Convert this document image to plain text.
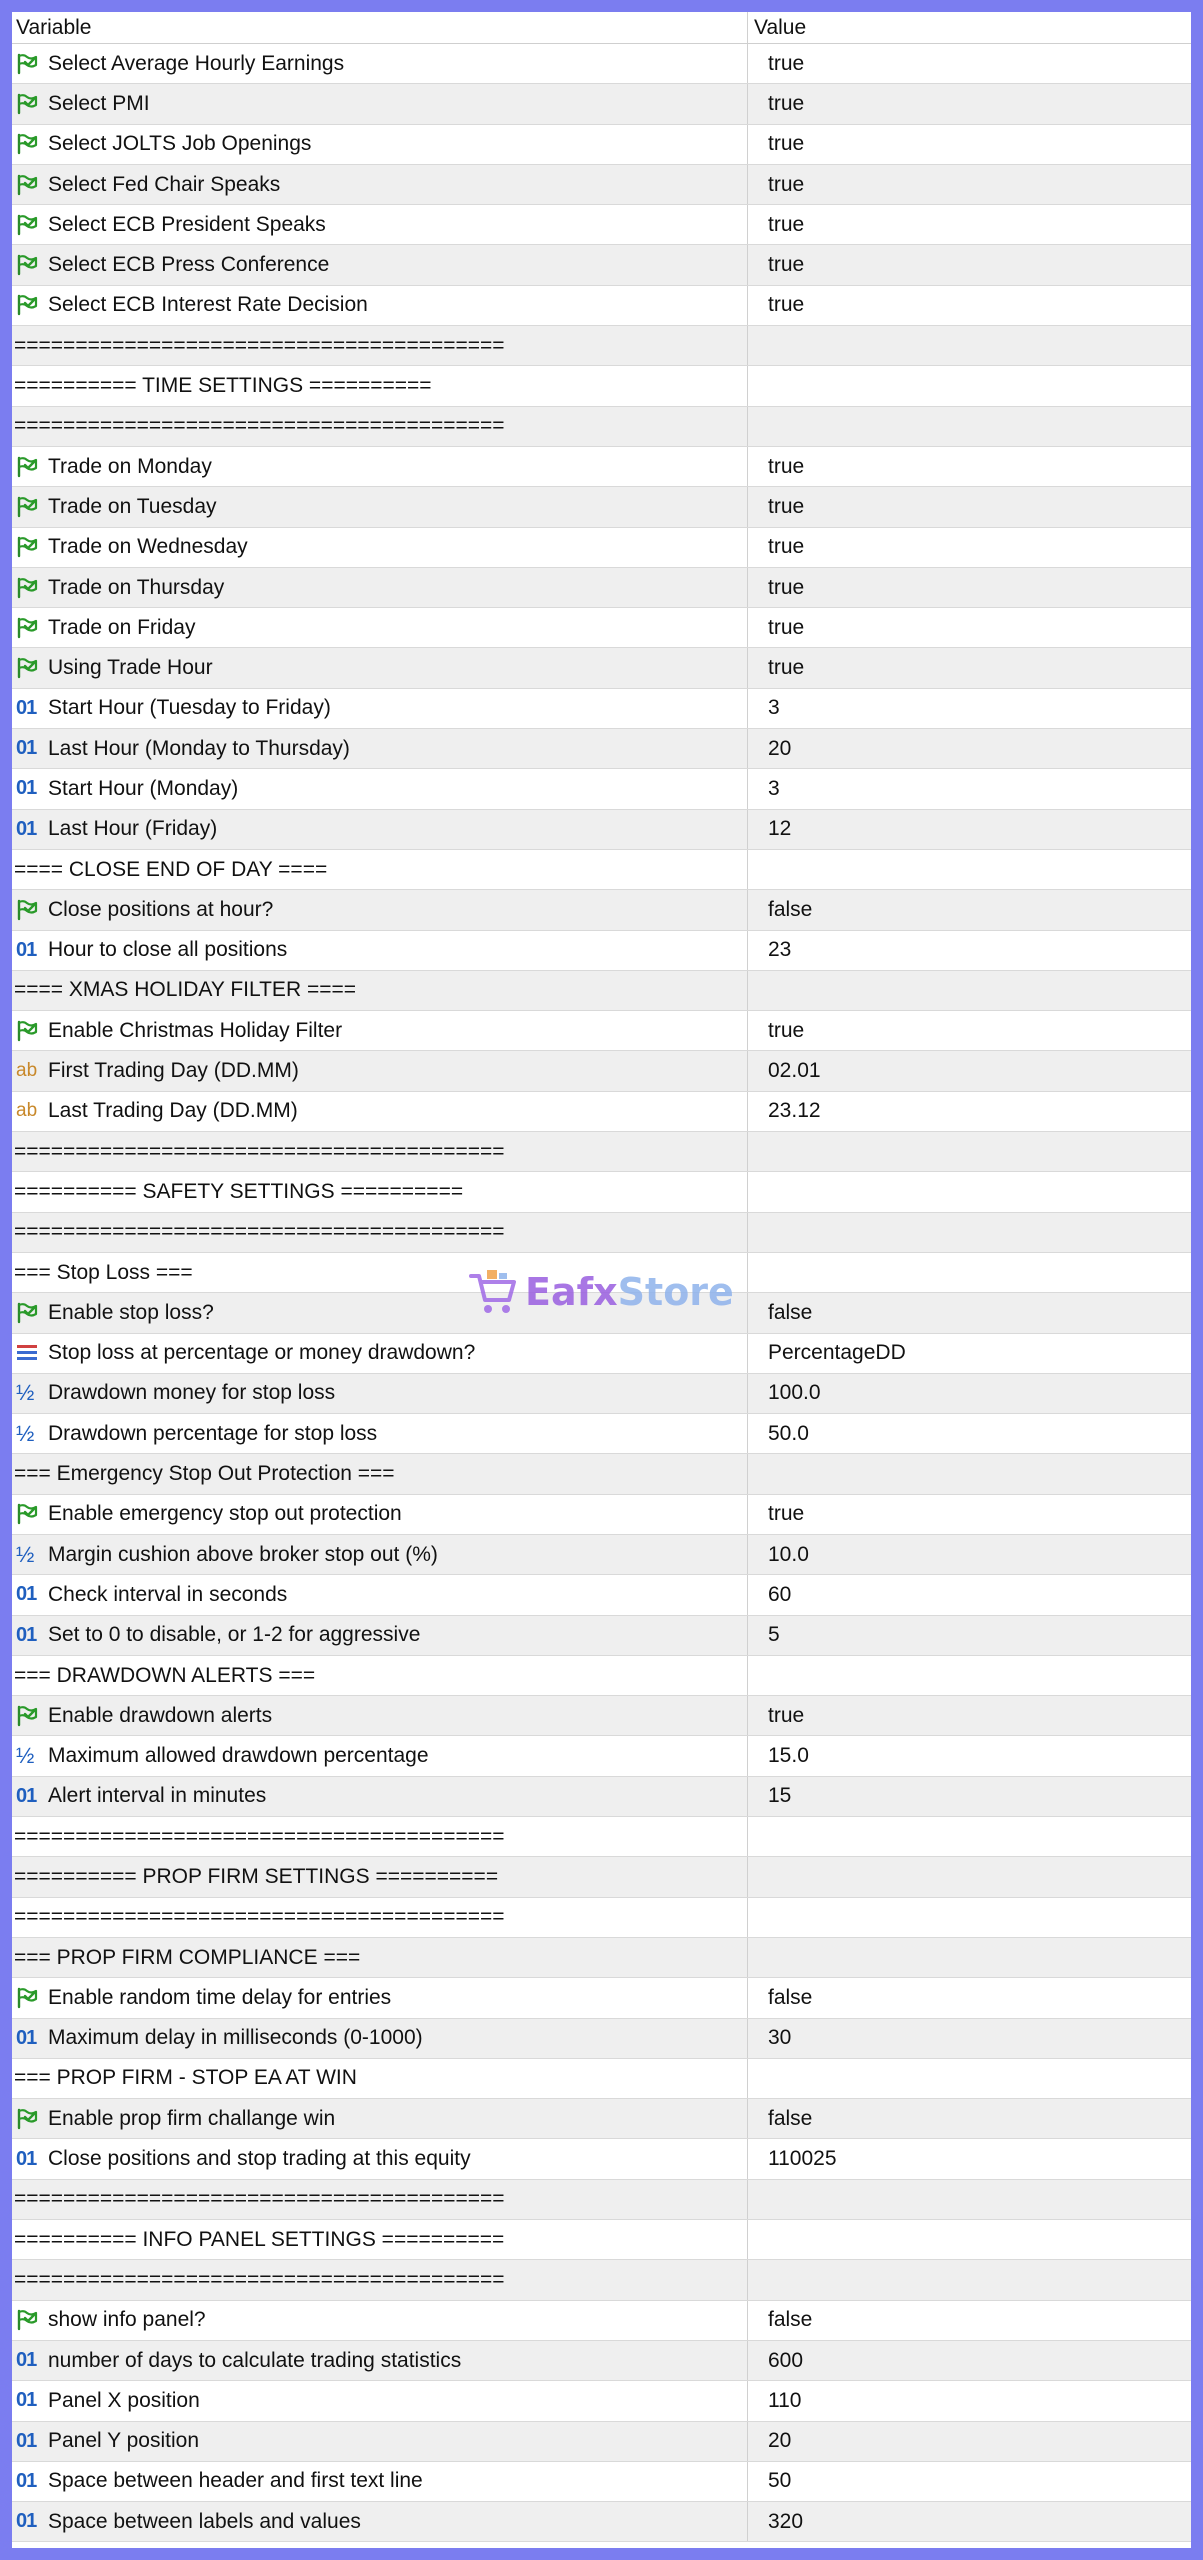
Variable	Value
Select Average Hourly Earnings	true
Select PMI	true
Select JOLTS Job Openings	true
Select Fed Chair Speaks	true
Select ECB President Speaks	true
Select ECB Press Conference	true
Select ECB Interest Rate Decision	true
========================================
========== TIME SETTINGS ==========
========================================
Trade on Monday	true
Trade on Tuesday	true
Trade on Wednesday	true
Trade on Thursday	true
Trade on Friday	true
Using Trade Hour	true
01 Start Hour (Tuesday to Friday)	3
01 Last Hour (Monday to Thursday)	20
01 Start Hour (Monday)	3
01 Last Hour (Friday)	12
==== CLOSE END OF DAY ====
Close positions at hour?	false
01 Hour to close all positions	23
==== XMAS HOLIDAY FILTER ====
Enable Christmas Holiday Filter	true
ab First Trading Day (DD.MM)	02.01
ab Last Trading Day (DD.MM)	23.12
========================================
========== SAFETY SETTINGS ==========
========================================
=== Stop Loss ===
Enable stop loss?	false
Stop loss at percentage or money drawdown?	PercentageDD
½ Drawdown money for stop loss	100.0
½ Drawdown percentage for stop loss	50.0
=== Emergency Stop Out Protection ===
Enable emergency stop out protection	true
½ Margin cushion above broker stop out (%)	10.0
01 Check interval in seconds	60
01 Set to 0 to disable, or 1-2 for aggressive	5
=== DRAWDOWN ALERTS ===
Enable drawdown alerts	true
½ Maximum allowed drawdown percentage	15.0
01 Alert interval in minutes	15
========================================
========== PROP FIRM SETTINGS ==========
========================================
=== PROP FIRM COMPLIANCE ===
Enable random time delay for entries	false
01 Maximum delay in milliseconds (0-1000)	30
=== PROP FIRM - STOP EA AT WIN
Enable prop firm challange win	false
01 Close positions and stop trading at this equity	110025
========================================
========== INFO PANEL SETTINGS ==========
========================================
show info panel?	false
01 number of days to calculate trading statistics	600
01 Panel X position	110
01 Panel Y position	20
01 Space between header and first text line	50
01 Space between labels and values	320
EafxStore
